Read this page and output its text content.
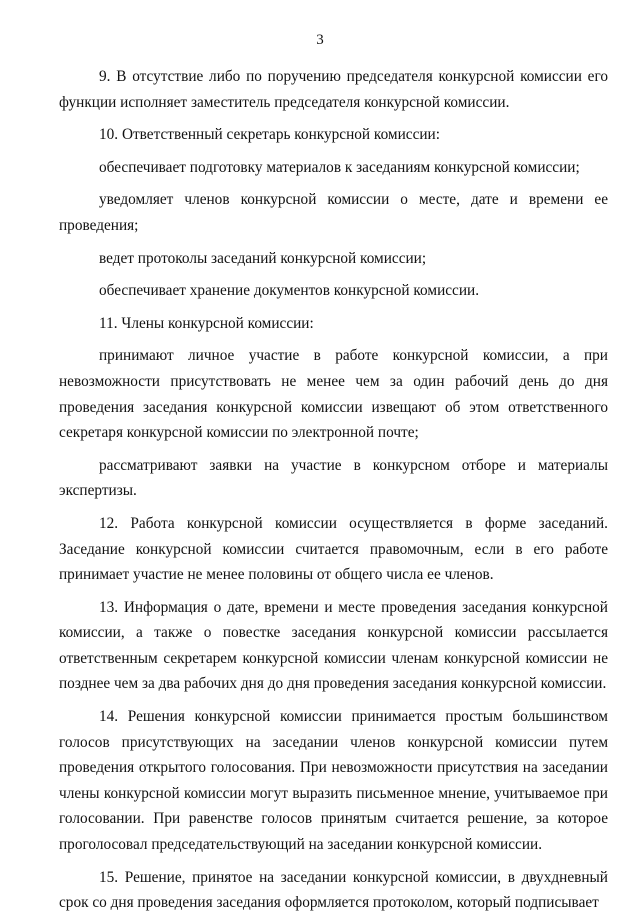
3

9. В отсутствие либо по поручению председателя конкурсной комиссии его функции исполняет заместитель председателя конкурсной комиссии.

10. Ответственный секретарь конкурсной комиссии:

обеспечивает подготовку материалов к заседаниям конкурсной комиссии;

уведомляет членов конкурсной комиссии о месте, дате и времени ее проведения;

ведет протоколы заседаний конкурсной комиссии;

обеспечивает хранение документов конкурсной комиссии.

11. Члены конкурсной комиссии:

принимают личное участие в работе конкурсной комиссии, а при невозможности присутствовать не менее чем за один рабочий день до дня проведения заседания конкурсной комиссии извещают об этом ответственного секретаря конкурсной комиссии по электронной почте;

рассматривают заявки на участие в конкурсном отборе и материалы экспертизы.

12. Работа конкурсной комиссии осуществляется в форме заседаний. Заседание конкурсной комиссии считается правомочным, если в его работе принимает участие не менее половины от общего числа ее членов.

13. Информация о дате, времени и месте проведения заседания конкурсной комиссии, а также о повестке заседания конкурсной комиссии рассылается ответственным секретарем конкурсной комиссии членам конкурсной комиссии не позднее чем за два рабочих дня до дня проведения заседания конкурсной комиссии.

14. Решения конкурсной комиссии принимается простым большинством голосов присутствующих на заседании членов конкурсной комиссии путем проведения открытого голосования. При невозможности присутствия на заседании члены конкурсной комиссии могут выразить письменное мнение, учитываемое при голосовании. При равенстве голосов принятым считается решение, за которое проголосовал председательствующий на заседании конкурсной комиссии.

15. Решение, принятое на заседании конкурсной комиссии, в двухдневный срок со дня проведения заседания оформляется протоколом, который подписывает
